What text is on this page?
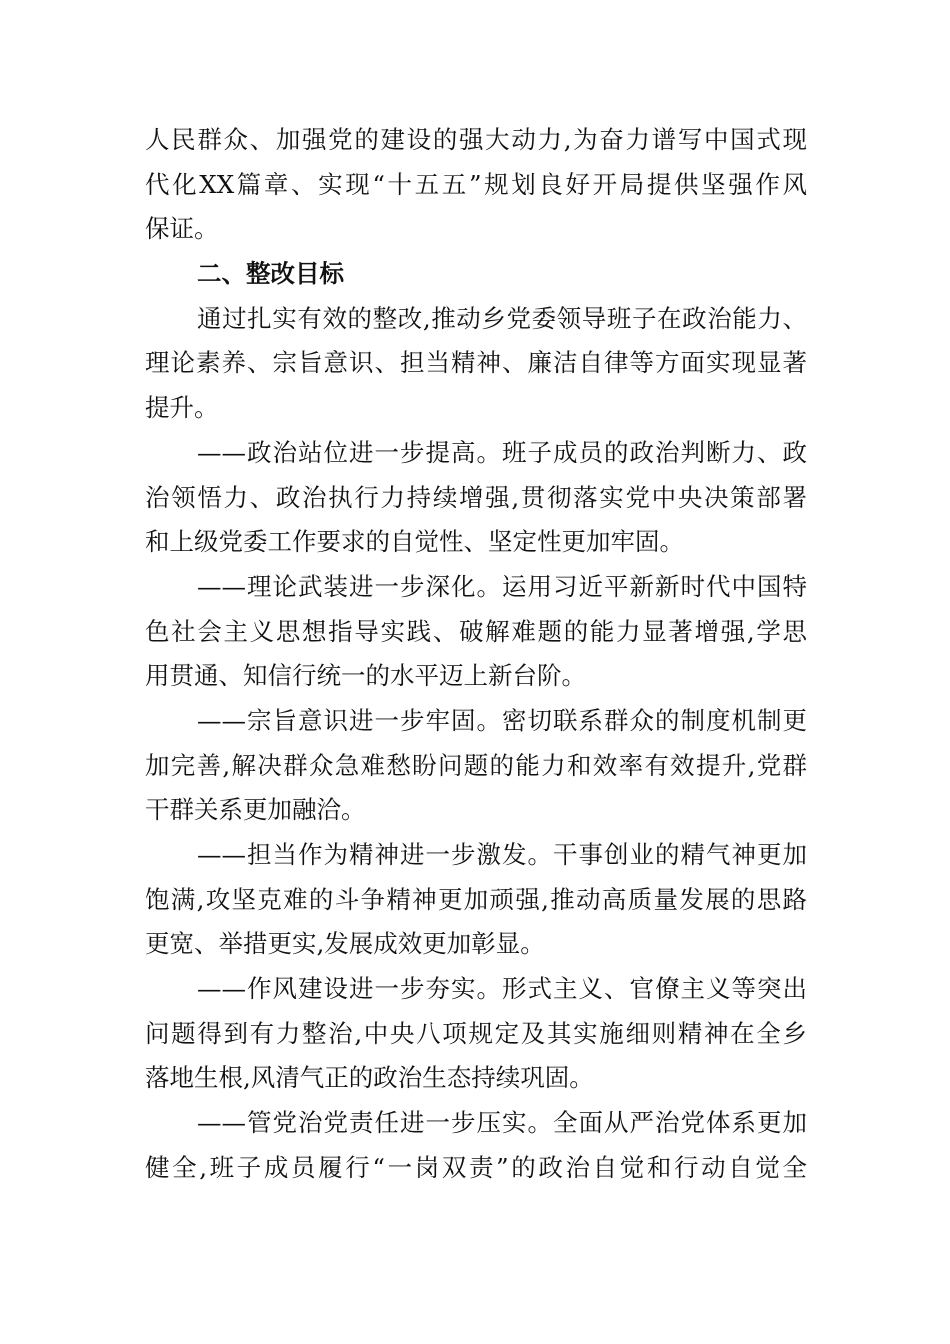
人民群众、加强党的建设的强大动力,为奋力谱写中国式现
代化XX篇章、实现“十五五”规划良好开局提供坚强作风
保证。
二、整改目标
通过扎实有效的整改,推动乡党委领导班子在政治能力、
理论素养、宗旨意识、担当精神、廉洁自律等方面实现显著
提升。
——政治站位进一步提高。班子成员的政治判断力、政
治领悟力、政治执行力持续增强,贯彻落实党中央决策部署
和上级党委工作要求的自觉性、坚定性更加牢固。
——理论武装进一步深化。运用习近平新新时代中国特
色社会主义思想指导实践、破解难题的能力显著增强,学思
用贯通、知信行统一的水平迈上新台阶。
——宗旨意识进一步牢固。密切联系群众的制度机制更
加完善,解决群众急难愁盼问题的能力和效率有效提升,党群
干群关系更加融洽。
——担当作为精神进一步激发。干事创业的精气神更加
饱满,攻坚克难的斗争精神更加顽强,推动高质量发展的思路
更宽、举措更实,发展成效更加彰显。
——作风建设进一步夯实。形式主义、官僚主义等突出
问题得到有力整治,中央八项规定及其实施细则精神在全乡
落地生根,风清气正的政治生态持续巩固。
——管党治党责任进一步压实。全面从严治党体系更加
健全,班子成员履行“一岗双责”的政治自觉和行动自觉全
